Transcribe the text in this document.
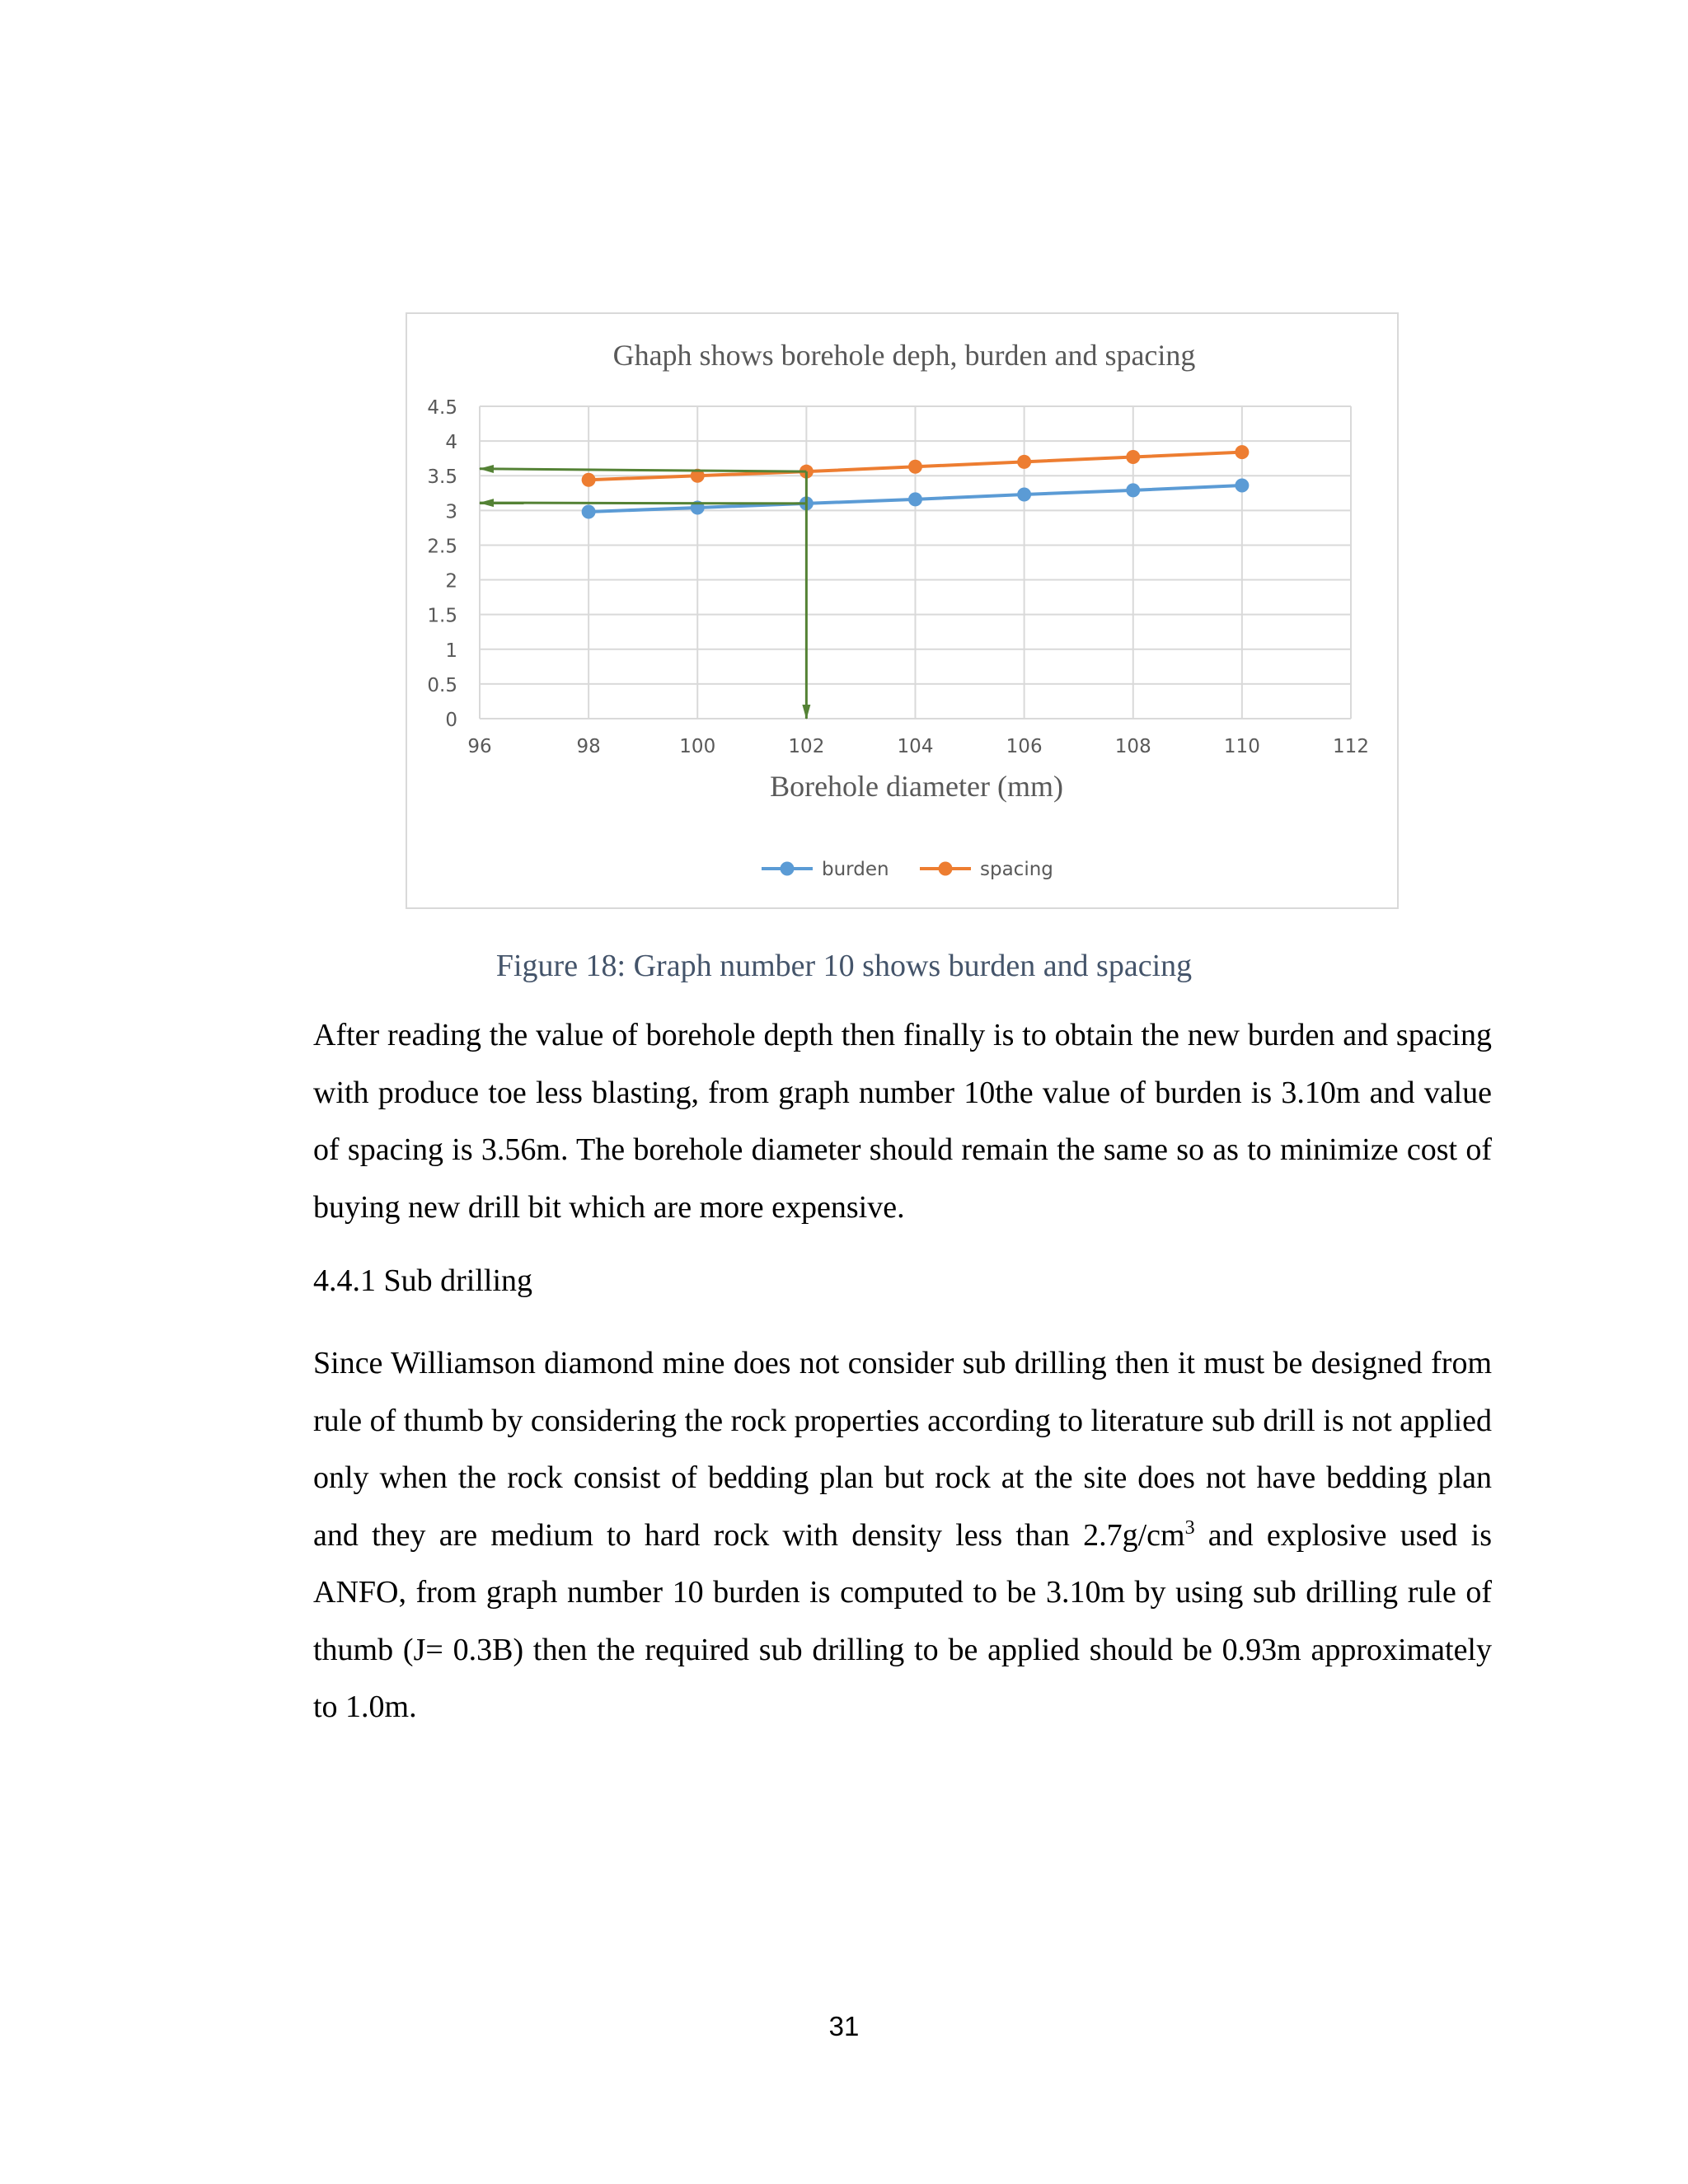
Ghaph shows borehole deph, burden and spacing
0
0.5
1
1.5
2
2.5
3
3.5
4
4.5
96	98	100	102	104	106	108	110	112
Borehole diameter (mm)
burden	spacing
Figure 18: Graph number 10 shows burden and spacing

After reading the value of borehole depth then finally is to obtain the new burden and spacing with produce toe less blasting, from graph number 10the value of burden is 3.10m and value of spacing is 3.56m. The borehole diameter should remain the same so as to minimize cost of buying new drill bit which are more expensive.

4.4.1 Sub drilling

Since Williamson diamond mine does not consider sub drilling then it must be designed from rule of thumb by considering the rock properties according to literature sub drill is not applied only when the rock consist of bedding plan but rock at the site does not have bedding plan and they are medium to hard rock with density less than $2.7g/cm^3$ and explosive used is ANFO, from graph number 10 burden is computed to be 3.10m by using sub drilling rule of thumb (J= 0.3B) then the required sub drilling to be applied should be 0.93m approximately to 1.0m.

31
